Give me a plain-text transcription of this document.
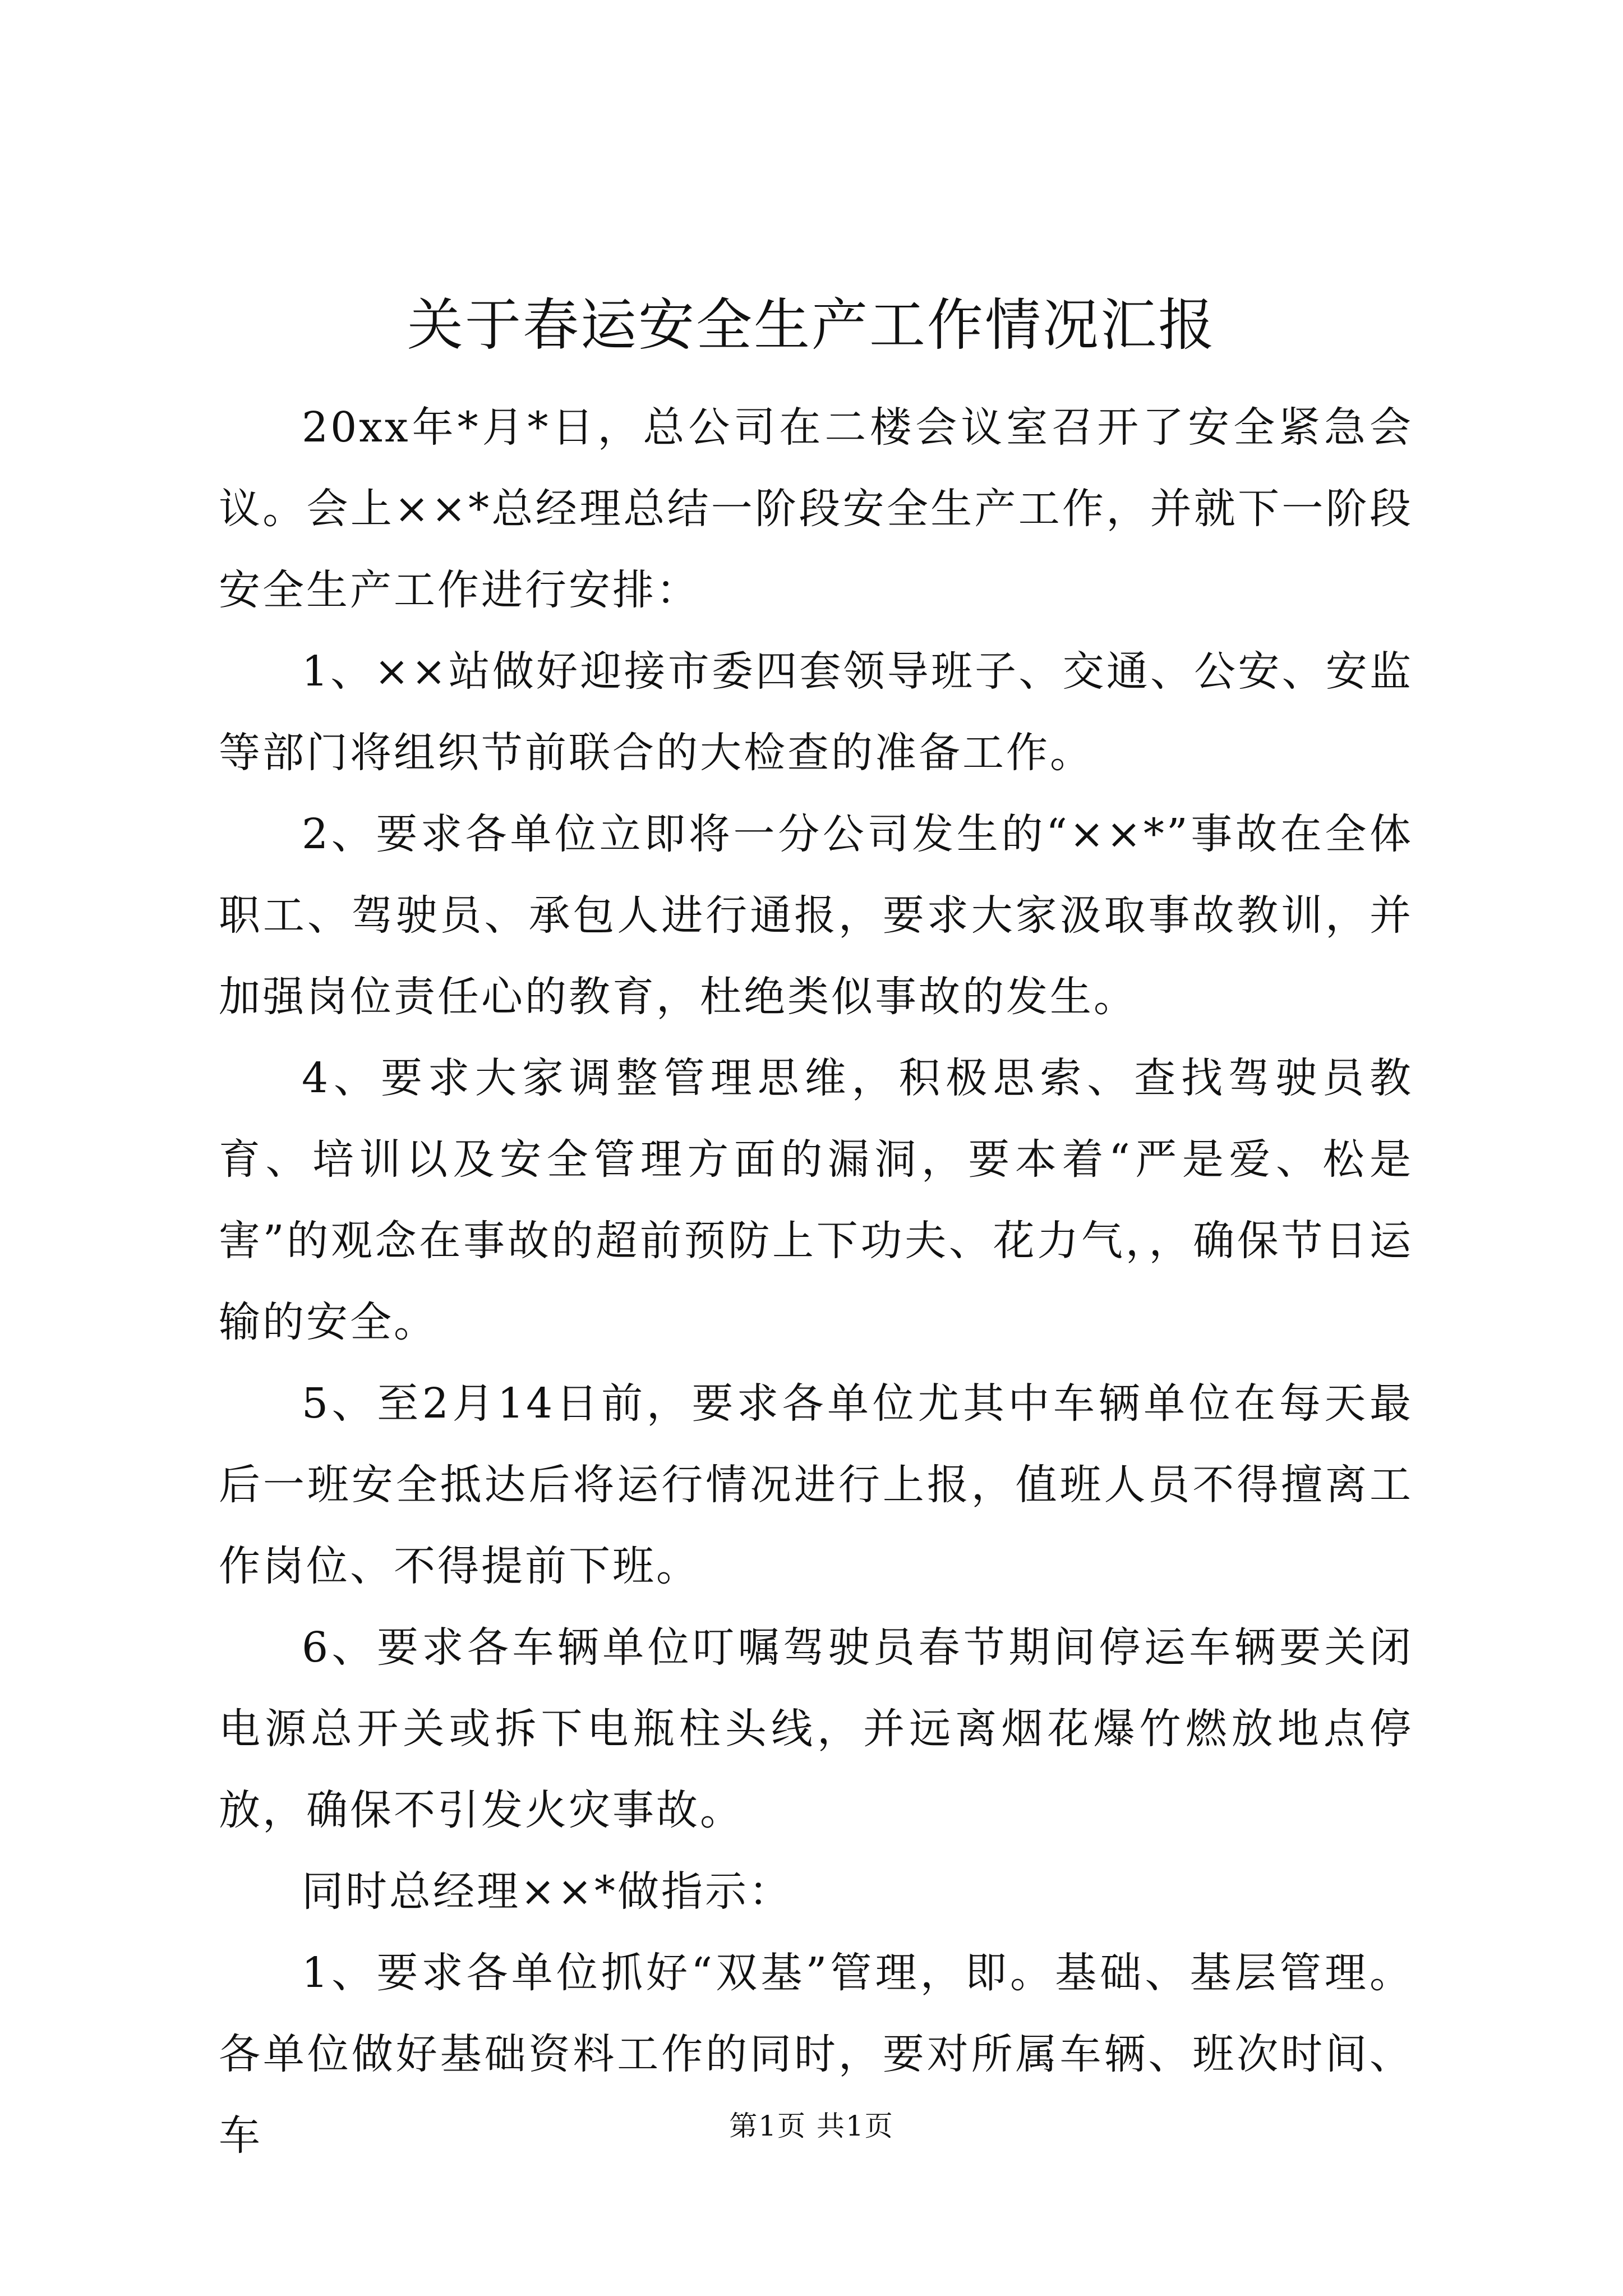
关于春运安全生产工作情况汇报

20xx年*月*日，总公司在二楼会议室召开了安全紧急会议。会上××*总经理总结一阶段安全生产工作，并就下一阶段安全生产工作进行安排：

1、××站做好迎接市委四套领导班子、交通、公安、安监等部门将组织节前联合的大检查的准备工作。

2、要求各单位立即将一分公司发生的“××*”事故在全体职工、驾驶员、承包人进行通报，要求大家汲取事故教训，并加强岗位责任心的教育，杜绝类似事故的发生。

4、要求大家调整管理思维，积极思索、查找驾驶员教育、培训以及安全管理方面的漏洞，要本着“严是爱、松是害”的观念在事故的超前预防上下功夫、花力气，，确保节日运输的安全。

5、至2月14日前，要求各单位尤其中车辆单位在每天最后一班安全抵达后将运行情况进行上报，值班人员不得擅离工作岗位、不得提前下班。

6、要求各车辆单位叮嘱驾驶员春节期间停运车辆要关闭电源总开关或拆下电瓶柱头线，并远离烟花爆竹燃放地点停放，确保不引发火灾事故。

同时总经理××*做指示：

1、要求各单位抓好“双基”管理，即。基础、基层管理。各单位做好基础资料工作的同时，要对所属车辆、班次时间、车	第1页 共1页
